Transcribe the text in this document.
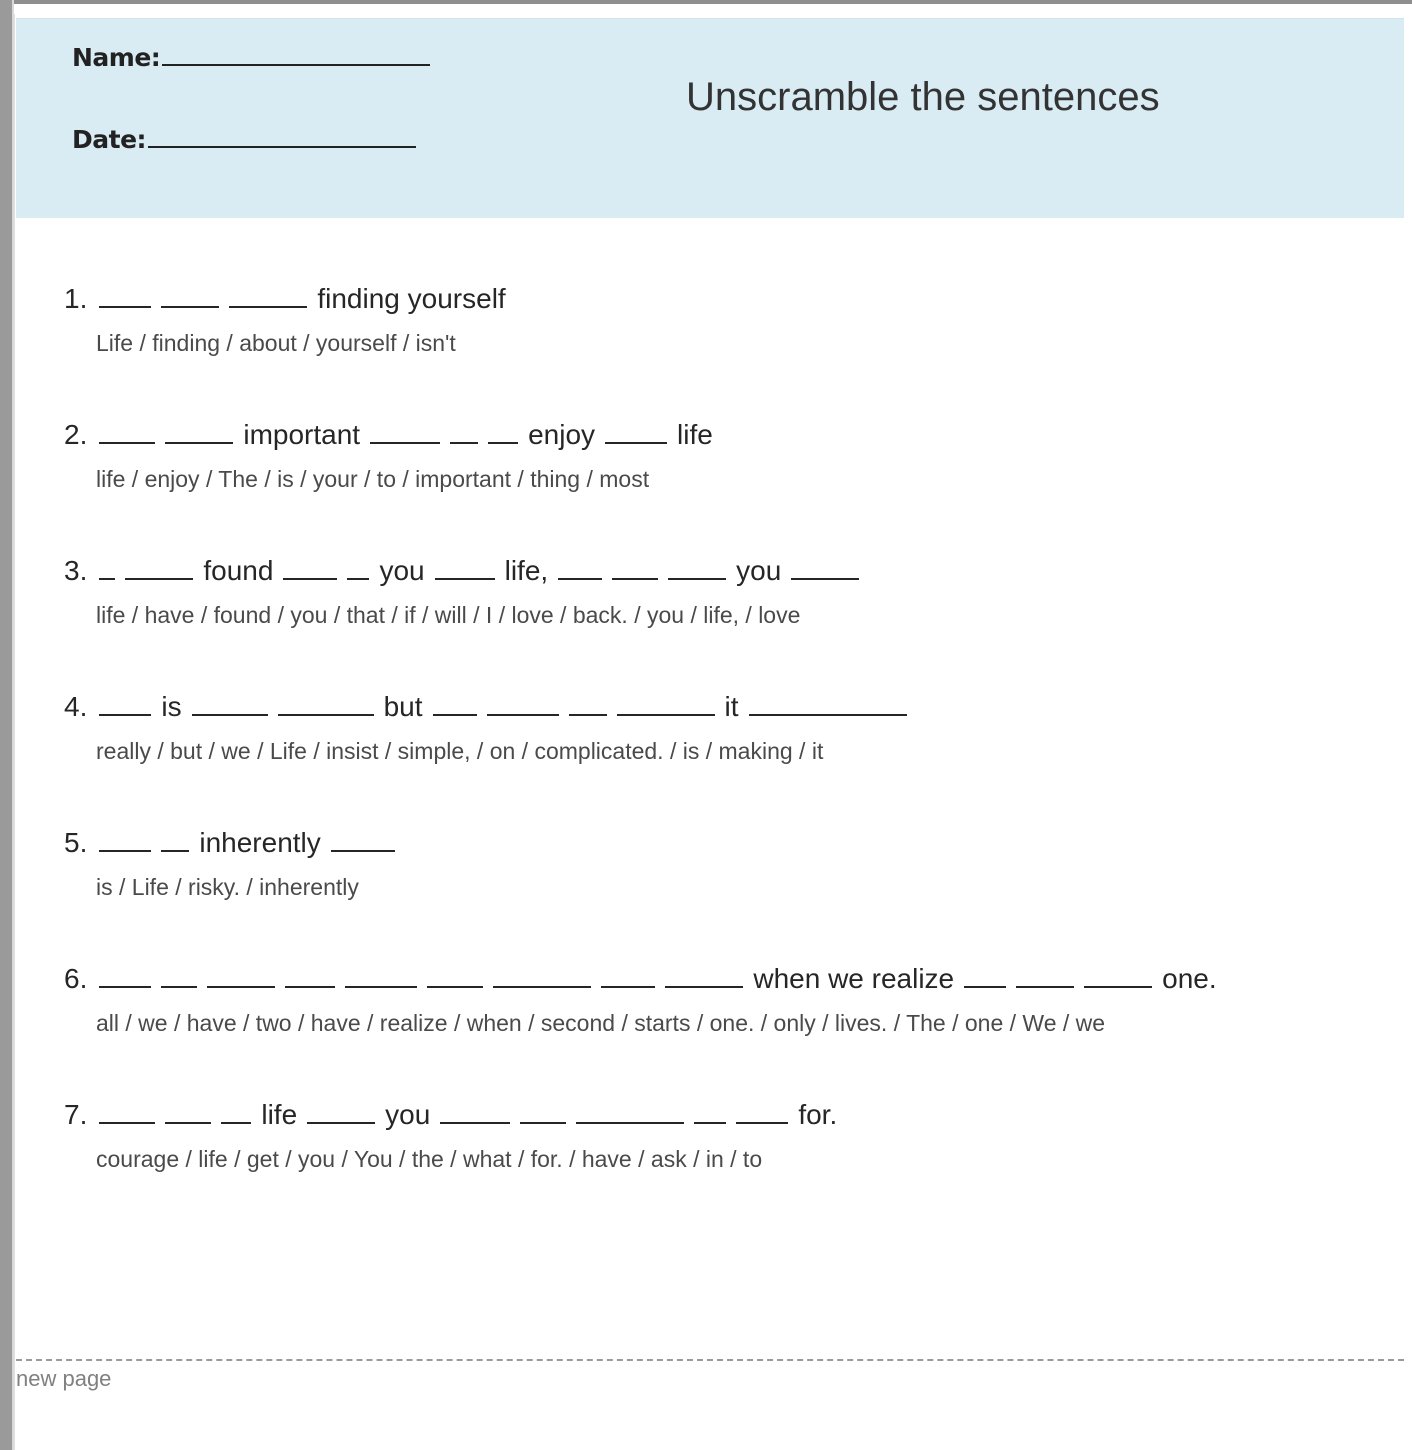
Name:
Date:
Unscramble the sentences
1.	finding yourself
Life / finding / about / yourself / isn't
2.	important	enjoy	life
life / enjoy / The / is / your / to / important / thing / most
3.	found	you	life,	you
life / have / found / you / that / if / will / I / love / back. / you / life, / love
4.	is	but	it
really / but / we / Life / insist / simple, / on / complicated. / is / making / it
5.	inherently
is / Life / risky. / inherently
6.	when we realize	one.
all / we / have / two / have / realize / when / second / starts / one. / only / lives. / The / one / We / we
7.	life	you	for.
courage / life / get / you / You / the / what / for. / have / ask / in / to
new page
